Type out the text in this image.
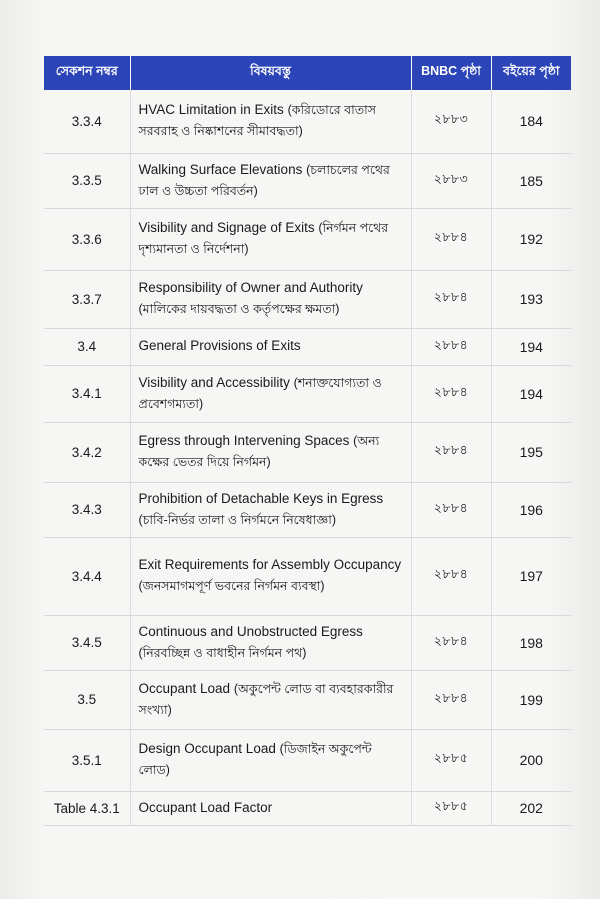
সেকশন নম্বর	বিষয়বস্তু	BNBC পৃষ্ঠা	বইয়ের পৃষ্ঠা
3.3.4	HVAC Limitation in Exits (করিডোরে বাতাস সরবরাহ ও নিষ্কাশনের সীমাবদ্ধতা)	২৮৮৩	184
3.3.5	Walking Surface Elevations (চলাচলের পথের ঢাল ও উচ্চতা পরিবর্তন)	২৮৮৩	185
3.3.6	Visibility and Signage of Exits (নির্গমন পথের দৃশ্যমানতা ও নির্দেশনা)	২৮৮৪	192
3.3.7	Responsibility of Owner and Authority (মালিকের দায়বদ্ধতা ও কর্তৃপক্ষের ক্ষমতা)	২৮৮৪	193
3.4	General Provisions of Exits	২৮৮৪	194
3.4.1	Visibility and Accessibility (শনাক্তযোগ্যতা ও প্রবেশগম্যতা)	২৮৮৪	194
3.4.2	Egress through Intervening Spaces (অন্য কক্ষের ভেতর দিয়ে নির্গমন)	২৮৮৪	195
3.4.3	Prohibition of Detachable Keys in Egress (চাবি-নির্ভর তালা ও নির্গমনে নিষেধাজ্ঞা)	২৮৮৪	196
3.4.4	Exit Requirements for Assembly Occupancy (জনসমাগমপূর্ণ ভবনের নির্গমন ব্যবস্থা)	২৮৮৪	197
3.4.5	Continuous and Unobstructed Egress (নিরবচ্ছিন্ন ও বাধাহীন নির্গমন পথ)	২৮৮৪	198
3.5	Occupant Load (অকুপেন্ট লোড বা ব্যবহারকারীর সংখ্যা)	২৮৮৪	199
3.5.1	Design Occupant Load (ডিজাইন অকুপেন্ট লোড)	২৮৮৫	200
Table 4.3.1	Occupant Load Factor	২৮৮৫	202
